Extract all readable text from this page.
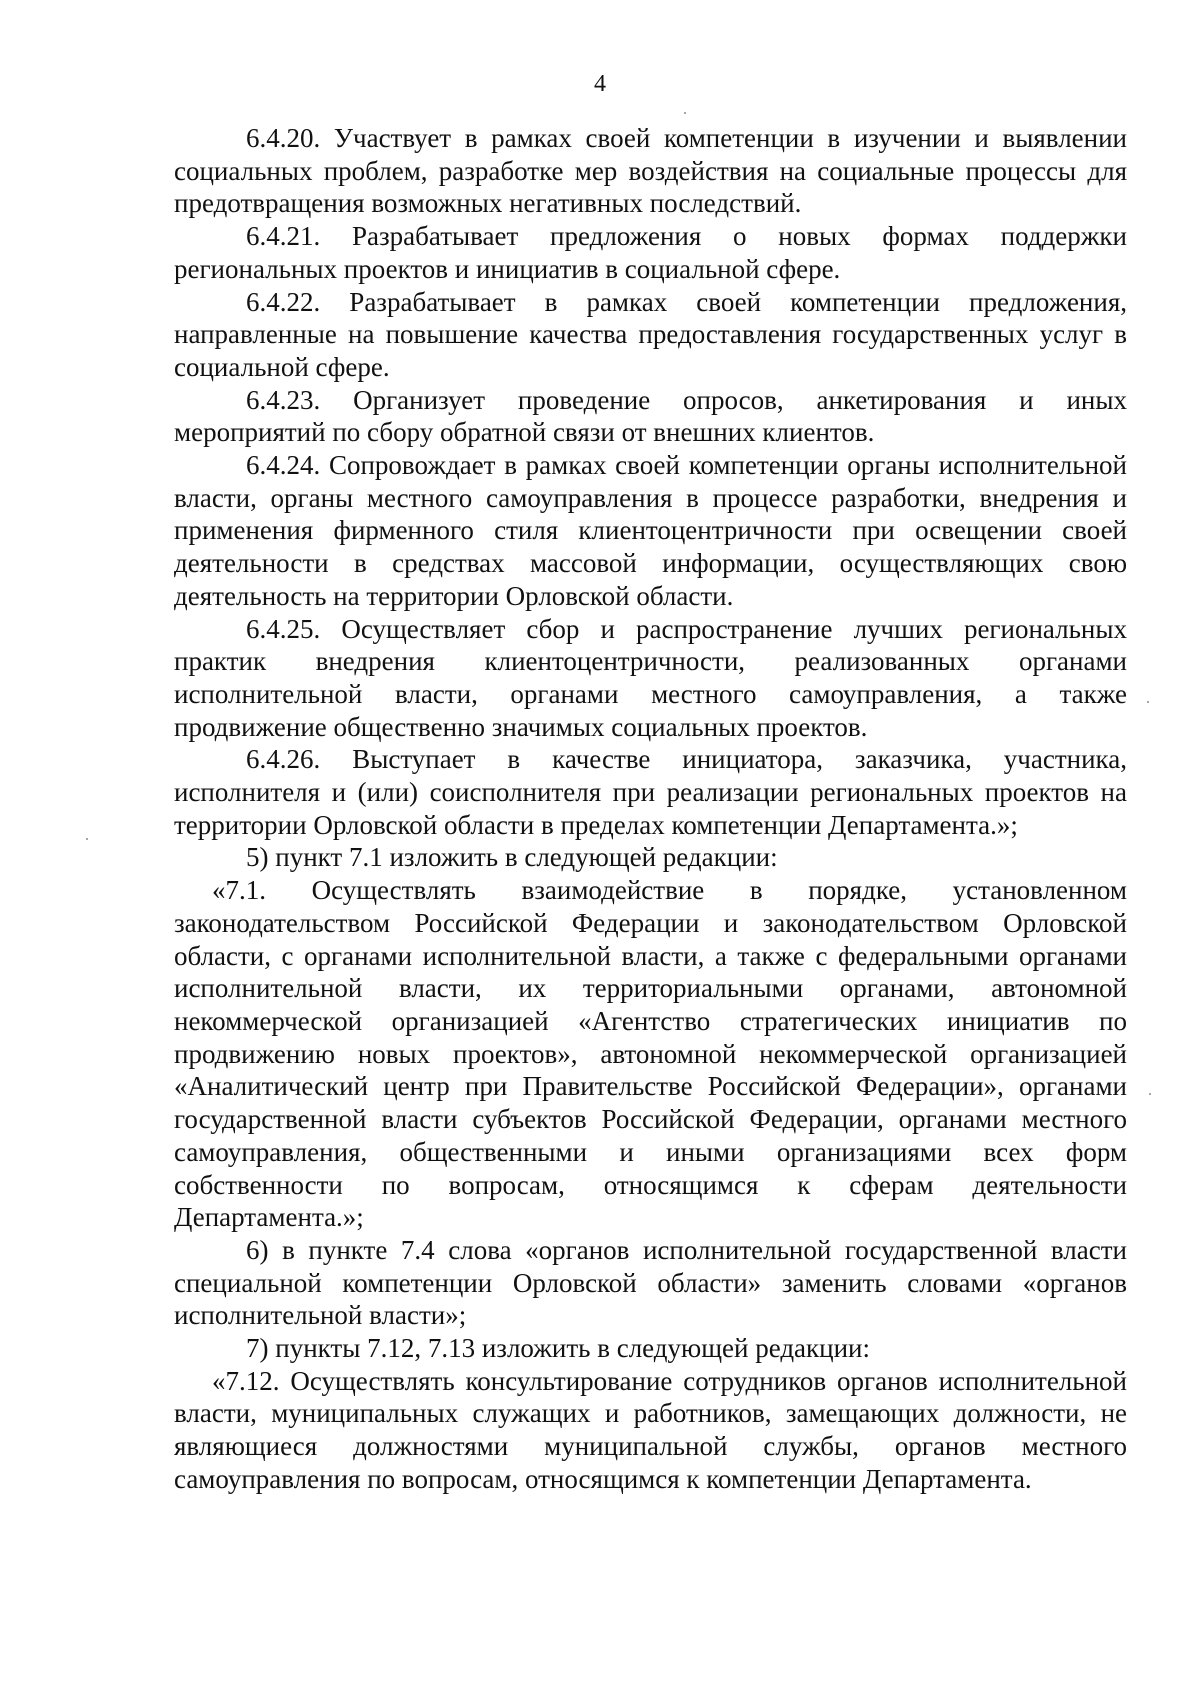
4

6.4.20. Участвует в рамках своей компетенции в изучении и выявлении социальных проблем, разработке мер воздействия на социальные процессы для предотвращения возможных негативных последствий.

6.4.21. Разрабатывает предложения о новых формах поддержки региональных проектов и инициатив в социальной сфере.

6.4.22. Разрабатывает в рамках своей компетенции предложения, направленные на повышение качества предоставления государственных услуг в социальной сфере.

6.4.23. Организует проведение опросов, анкетирования и иных мероприятий по сбору обратной связи от внешних клиентов.

6.4.24. Сопровождает в рамках своей компетенции органы исполнительной власти, органы местного самоуправления в процессе разработки, внедрения и применения фирменного стиля клиентоцентричности при освещении своей деятельности в средствах массовой информации, осуществляющих свою деятельность на территории Орловской области.

6.4.25. Осуществляет сбор и распространение лучших региональных практик внедрения клиентоцентричности, реализованных органами исполнительной власти, органами местного самоуправления, а также продвижение общественно значимых социальных проектов.

6.4.26. Выступает в качестве инициатора, заказчика, участника, исполнителя и (или) соисполнителя при реализации региональных проектов на территории Орловской области в пределах компетенции Департамента.»;

5) пункт 7.1 изложить в следующей редакции:

«7.1. Осуществлять взаимодействие в порядке, установленном законодательством Российской Федерации и законодательством Орловской области, с органами исполнительной власти, а также с федеральными органами исполнительной власти, их территориальными органами, автономной некоммерческой организацией «Агентство стратегических инициатив по продвижению новых проектов», автономной некоммерческой организацией «Аналитический центр при Правительстве Российской Федерации», органами государственной власти субъектов Российской Федерации, органами местного самоуправления, общественными и иными организациями всех форм собственности по вопросам, относящимся к сферам деятельности Департамента.»;

6) в пункте 7.4 слова «органов исполнительной государственной власти специальной компетенции Орловской области» заменить словами «органов исполнительной власти»;

7) пункты 7.12, 7.13 изложить в следующей редакции:

«7.12. Осуществлять консультирование сотрудников органов исполнительной власти, муниципальных служащих и работников, замещающих должности, не являющиеся должностями муниципальной службы, органов местного самоуправления по вопросам, относящимся к компетенции Департамента.
